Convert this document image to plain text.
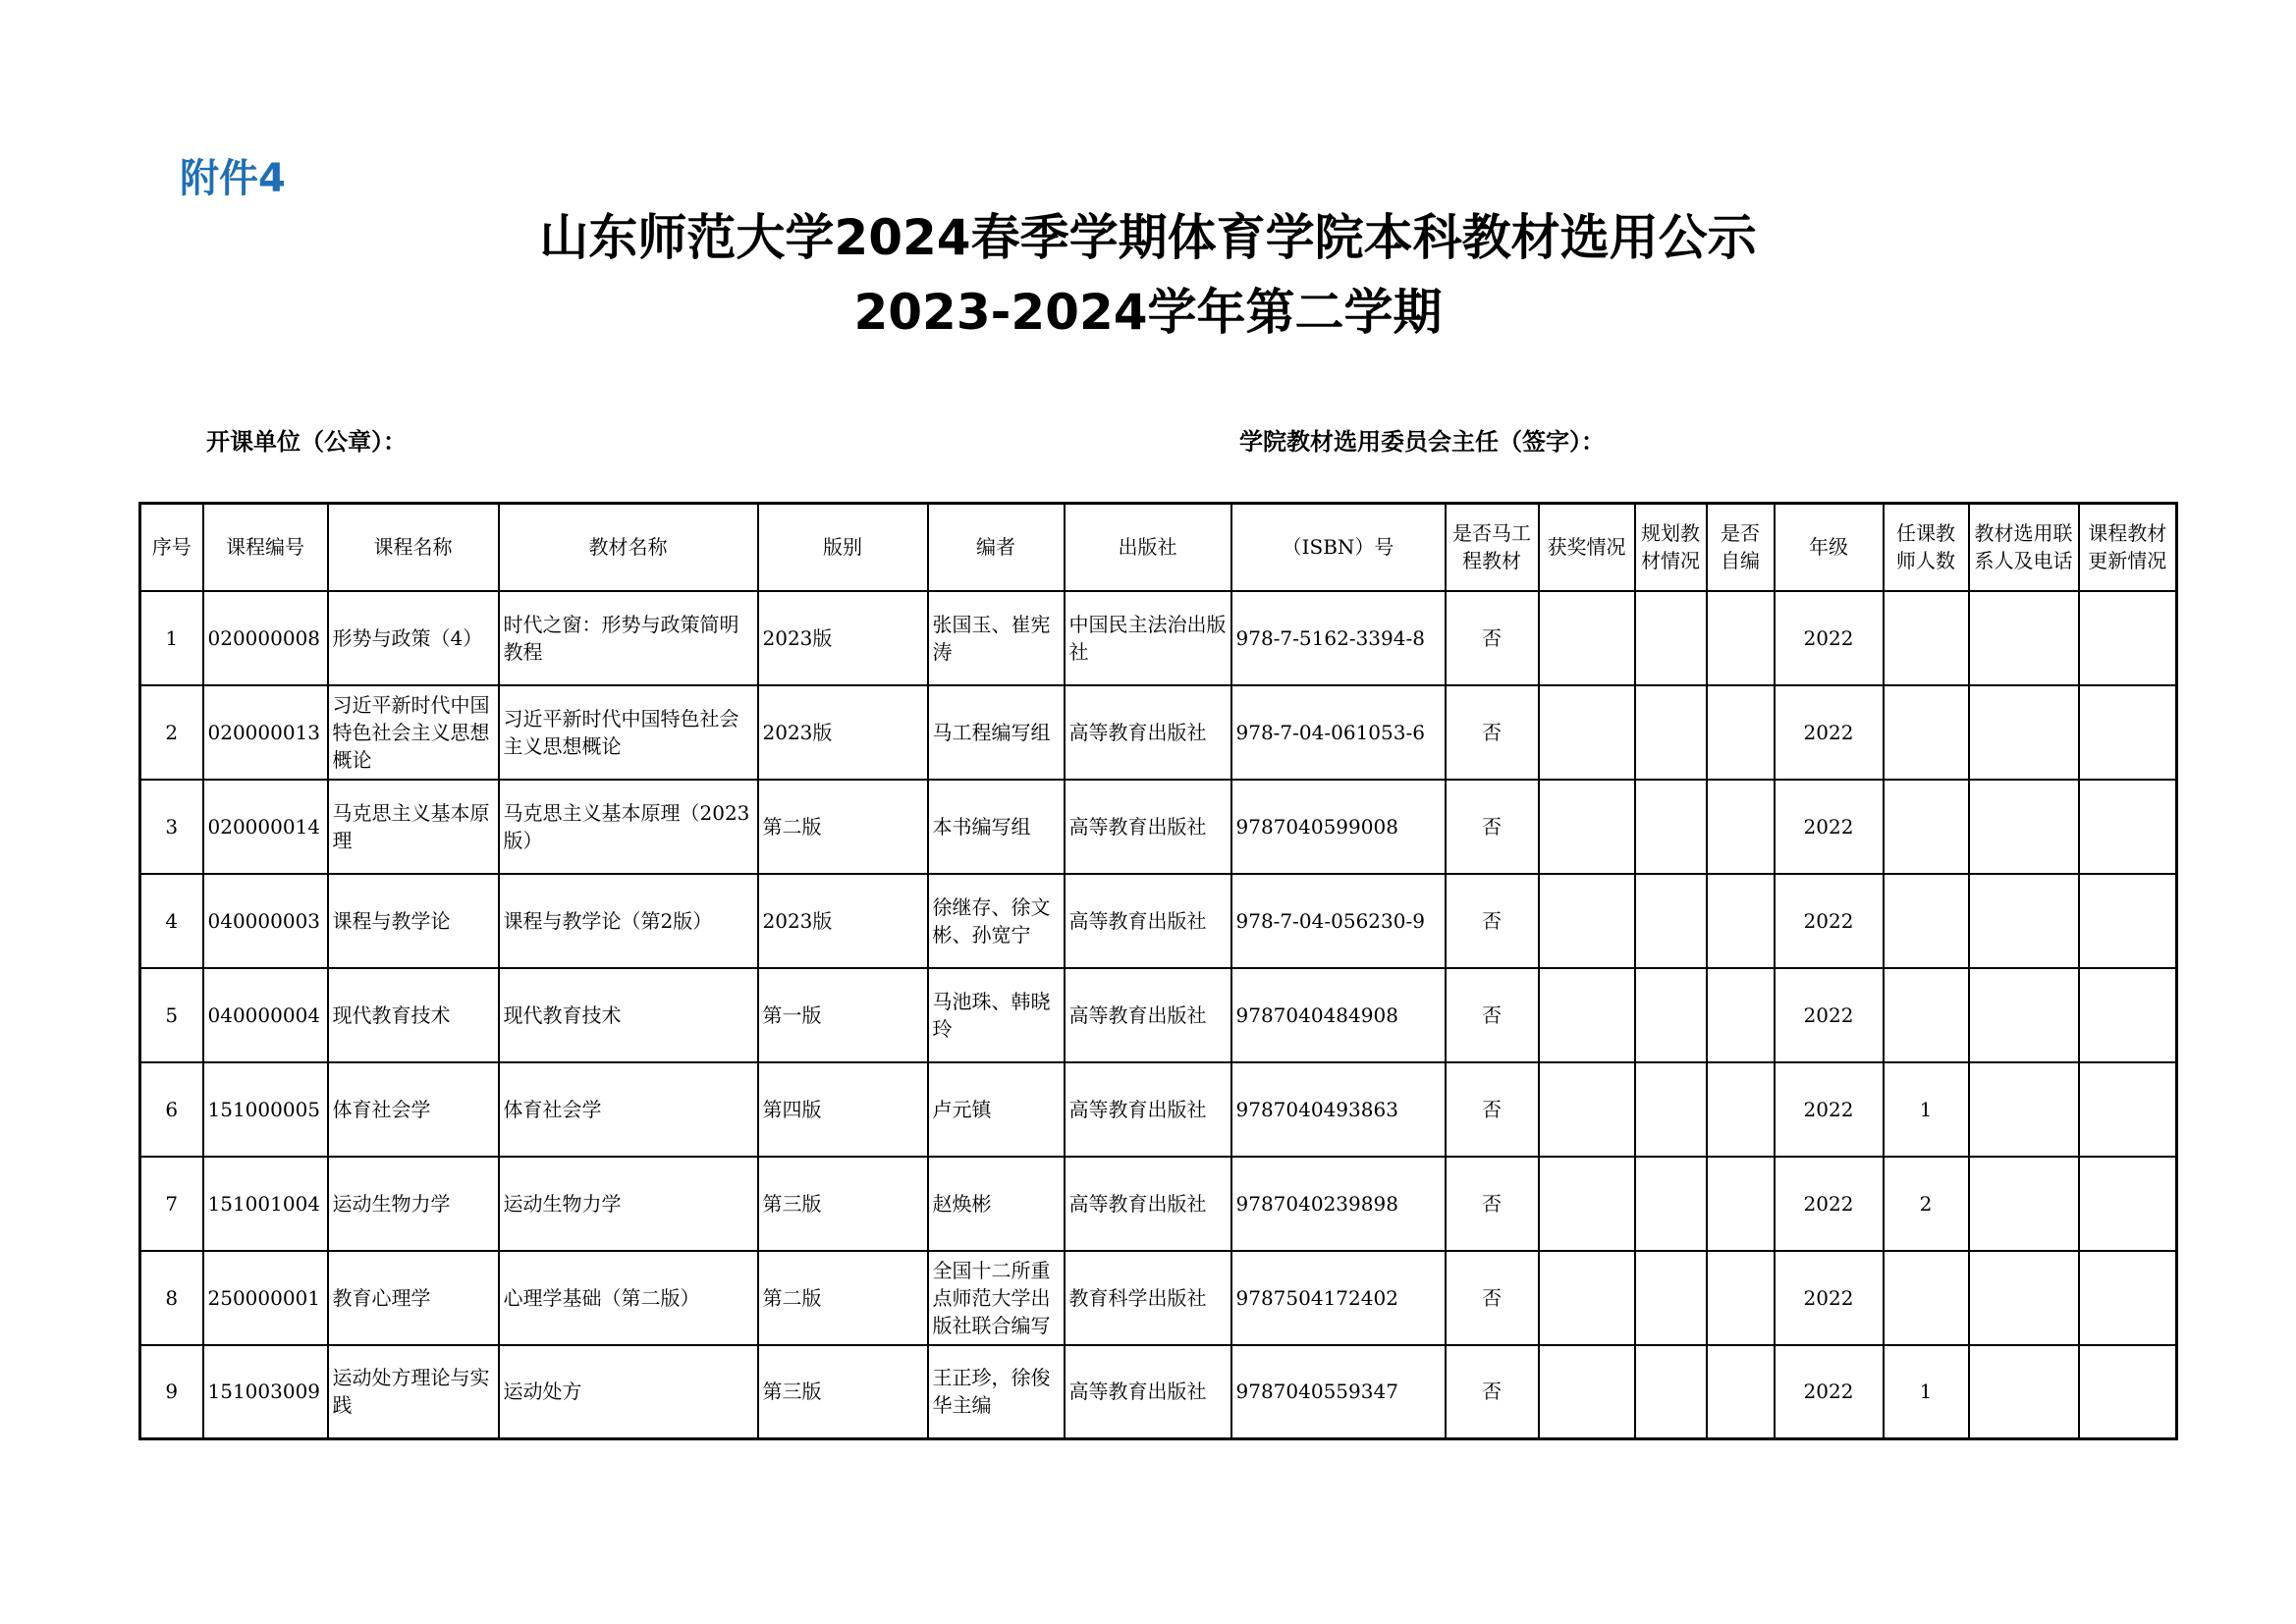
附件4
山东师范大学2024春季学期体育学院本科教材选用公示
2023-2024学年第二学期
开课单位（公章）：	学院教材选用委员会主任（签字）：
序号	课程编号	课程名称	教材名称	版别	编者	出版社	（ISBN）号	是否马工程教材	获奖情况	规划教材情况	是否自编	年级	任课教师人数	教材选用联系人及电话	课程教材更新情况

1	020000008	形势与政策（4）	时代之窗：形势与政策简明教程	2023版	张国玉、崔宪涛	中国民主法治出版社	978-7-5162-3394-8	否				2022			

2	020000013	习近平新时代中国特色社会主义思想概论	习近平新时代中国特色社会主义思想概论	2023版	马工程编写组	高等教育出版社	978-7-04-061053-6	否				2022			

3	020000014	马克思主义基本原理	马克思主义基本原理（2023版）	第二版	本书编写组	高等教育出版社	9787040599008	否				2022			

4	040000003	课程与教学论	课程与教学论（第2版）	2023版	徐继存、徐文彬、孙宽宁	高等教育出版社	978-7-04-056230-9	否				2022			

5	040000004	现代教育技术	现代教育技术	第一版	马池珠、韩晓玲	高等教育出版社	9787040484908	否				2022			

6	151000005	体育社会学	体育社会学	第四版	卢元镇	高等教育出版社	9787040493863	否				2022	1		

7	151001004	运动生物力学	运动生物力学	第三版	赵焕彬	高等教育出版社	9787040239898	否				2022	2		

8	250000001	教育心理学	心理学基础（第二版）	第二版	全国十二所重点师范大学出版社联合编写	教育科学出版社	9787504172402	否				2022			

9	151003009	运动处方理论与实践	运动处方	第三版	王正珍，徐俊华主编	高等教育出版社	9787040559347	否				2022	1		
